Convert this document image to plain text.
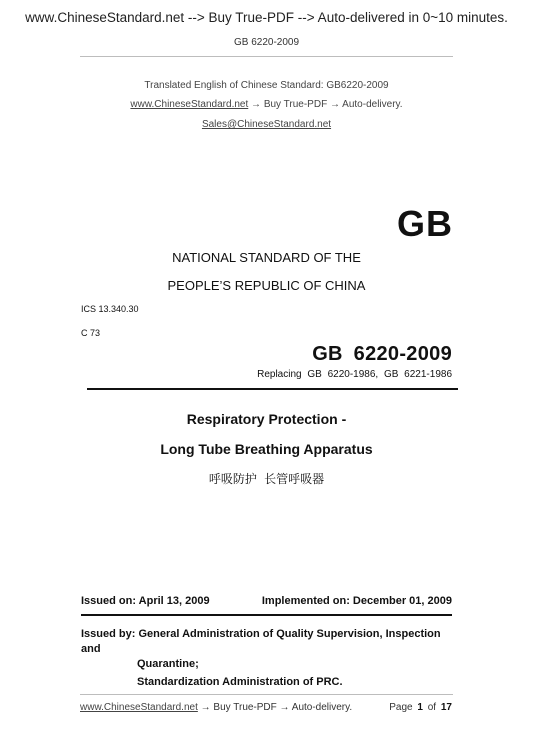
www.ChineseStandard.net --> Buy True-PDF --> Auto-delivered in 0~10 minutes.
GB 6220-2009
Translated English of Chinese Standard: GB6220-2009
www.ChineseStandard.net → Buy True-PDF → Auto-delivery.
Sales@ChineseStandard.net
GB
NATIONAL STANDARD OF THE
PEOPLE’S REPUBLIC OF CHINA
ICS 13.340.30
C 73
GB 6220-2009
Replacing GB 6220-1986, GB 6221-1986
Respiratory Protection -
Long Tube Breathing Apparatus
呼吸防护 长管呼吸器
Issued on: April 13, 2009	Implemented on: December 01, 2009
Issued by: General Administration of Quality Supervision, Inspection and
Quarantine;
Standardization Administration of PRC.
www.ChineseStandard.net → Buy True-PDF → Auto-delivery.	Page 1 of 17
